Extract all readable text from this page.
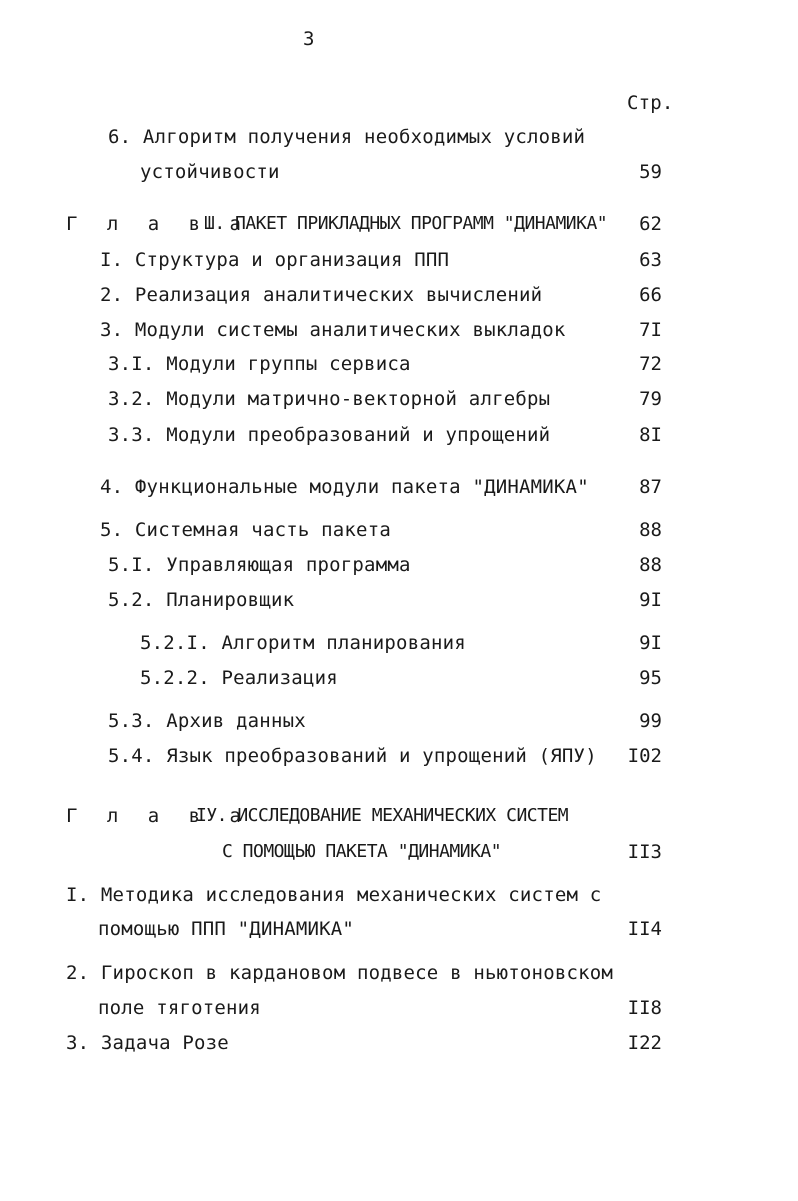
3
Стр.
6. Алгоритм получения необходимых условий
устойчивости	59
Г л а в а
Ш. ПАКЕТ ПРИКЛАДНЫХ ПРОГРАММ "ДИНАМИКА"	62
I. Структура и организация ППП	63
2. Реализация аналитических вычислений	66
3. Модули системы аналитических выкладок	7I
3.I. Модули группы сервиса	72
3.2. Модули матрично-векторной алгебры	79
3.3. Модули преобразований и упрощений	8I
4. Функциональные модули пакета "ДИНАМИКА"	87
5. Системная часть пакета	88
5.I. Управляющая программа	88
5.2. Планировщик	9I
5.2.I. Алгоритм планирования	9I
5.2.2. Реализация	95
5.3. Архив данных	99
5.4. Язык преобразований и упрощений (ЯПУ)	I02
Г л а в а
IУ. ИССЛЕДОВАНИЕ МЕХАНИЧЕСКИХ СИСТЕМ
С ПОМОЩЬЮ ПАКЕТА "ДИНАМИКА"	II3
I. Методика исследования механических систем с
помощью ППП "ДИНАМИКА"	II4
2. Гироскоп в кардановом подвесе в ньютоновском
поле тяготения	II8
3. Задача Розе	I22
